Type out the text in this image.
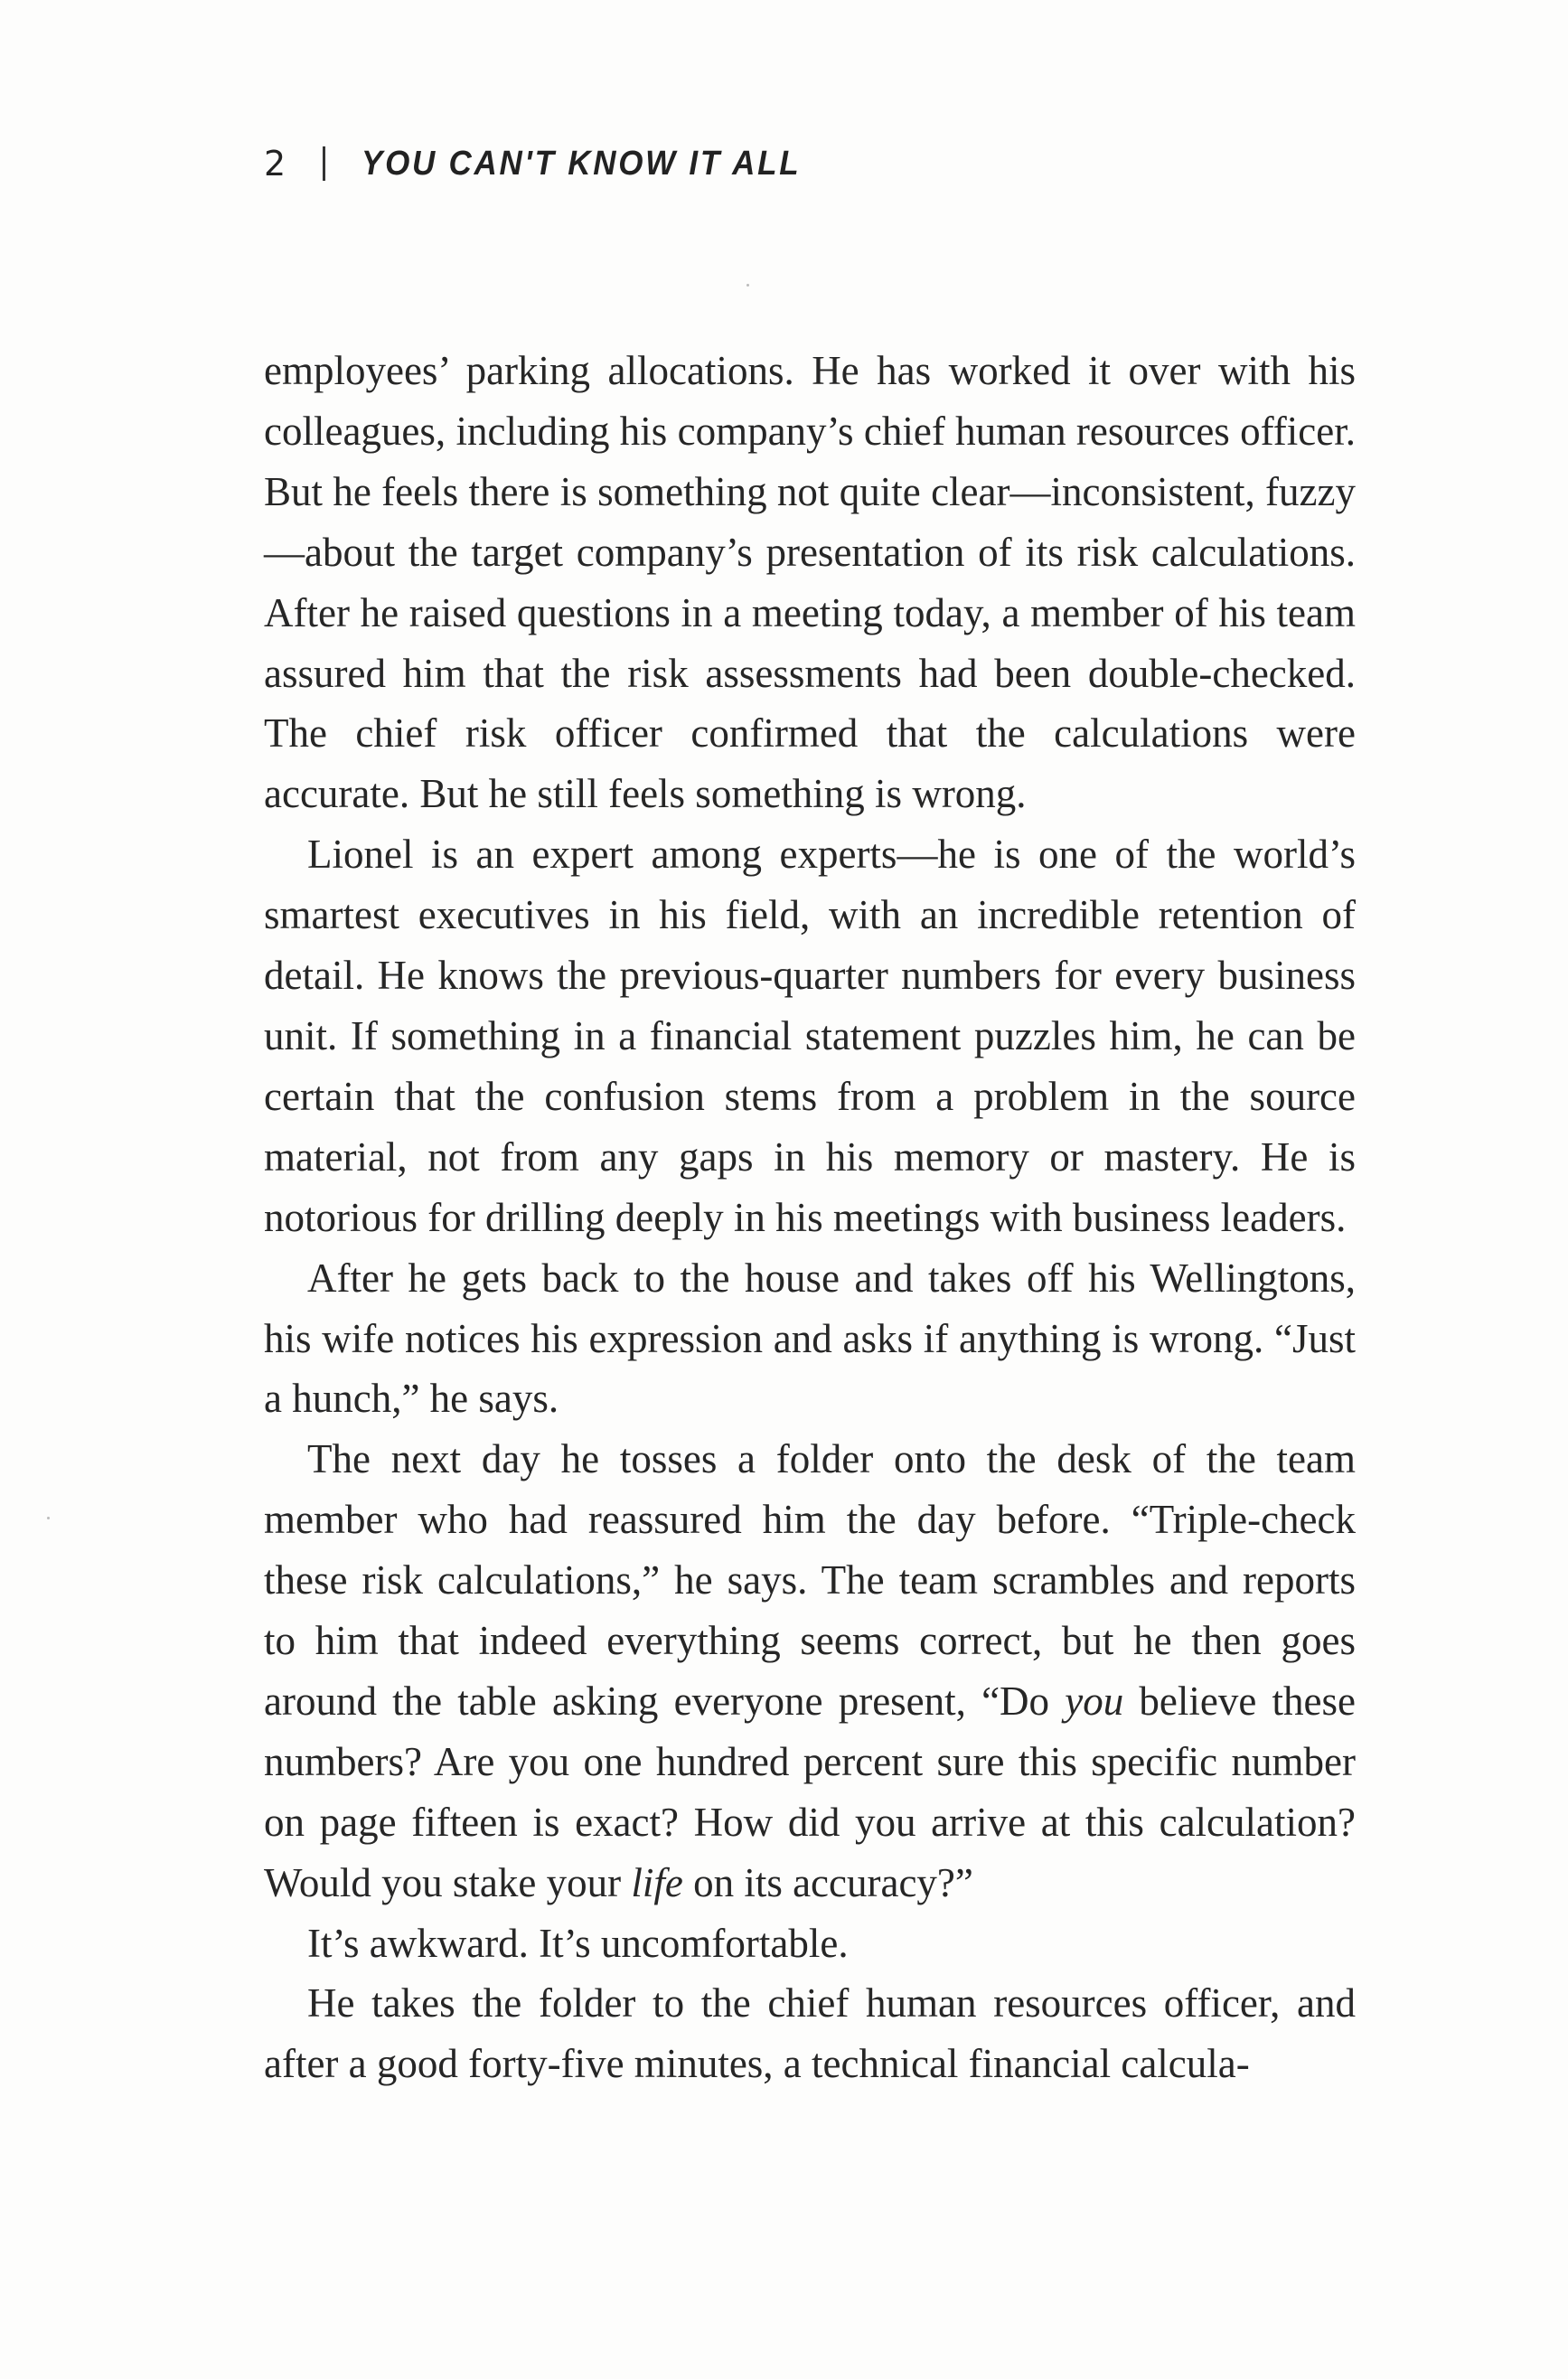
2 YOU CAN'T KNOW IT ALL

employees’ parking allocations. He has worked it over with his colleagues, including his company’s chief human resources officer. But he feels there is something not quite clear—inconsistent, fuzzy—about the target company’s presentation of its risk calculations. After he raised questions in a meeting today, a member of his team assured him that the risk assessments had been double-checked. The chief risk officer confirmed that the calculations were accurate. But he still feels something is wrong.

Lionel is an expert among experts—he is one of the world’s smartest executives in his field, with an incredible retention of detail. He knows the previous-quarter numbers for every business unit. If something in a financial statement puzzles him, he can be certain that the confusion stems from a problem in the source material, not from any gaps in his memory or mastery. He is notorious for drilling deeply in his meetings with business leaders.

After he gets back to the house and takes off his Wellingtons, his wife notices his expression and asks if anything is wrong. “Just a hunch,” he says.

The next day he tosses a folder onto the desk of the team member who had reassured him the day before. “Triple-check these risk calculations,” he says. The team scrambles and reports to him that indeed everything seems correct, but he then goes around the table asking everyone present, “Do you believe these numbers? Are you one hundred percent sure this specific number on page fifteen is exact? How did you arrive at this calculation? Would you stake your life on its accuracy?”

It’s awkward. It’s uncomfortable.

He takes the folder to the chief human resources officer, and after a good forty-five minutes, a technical financial calcula-
